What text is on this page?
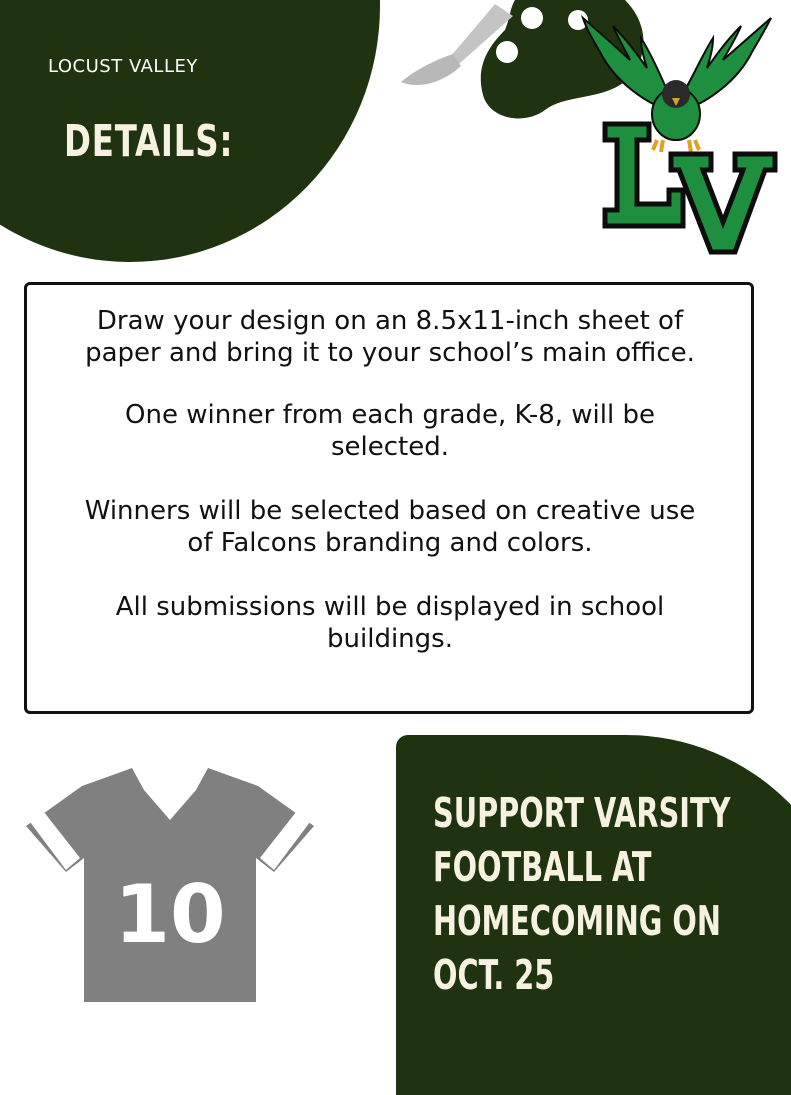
LOCUST VALLEY
DETAILS:

Draw your design on an 8.5x11-inch sheet of
paper and bring it to your school’s main office.

One winner from each grade, K-8, will be
selected.

Winners will be selected based on creative use
of Falcons branding and colors.

All submissions will be displayed in school
buildings.

10

SUPPORT VARSITY
FOOTBALL AT
HOMECOMING ON
OCT. 25
